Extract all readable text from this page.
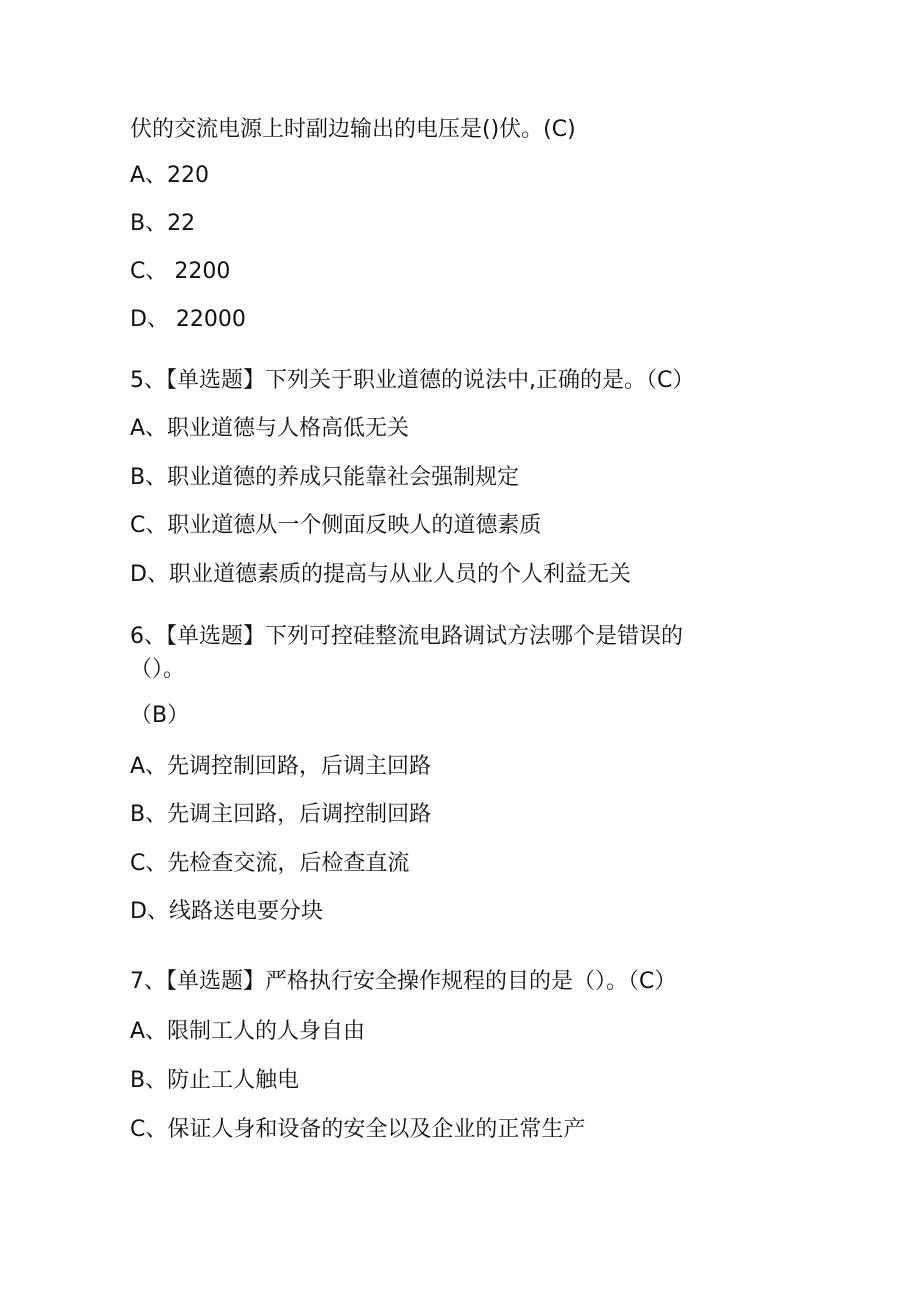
伏的交流电源上时副边输出的电压是()伏。(C)

A、220

B、22

C、 2200

D、 22000

5、【单选题】下列关于职业道德的说法中,正确的是。（C）

A、职业道德与人格高低无关

B、职业道德的养成只能靠社会强制规定

C、职业道德从一个侧面反映人的道德素质

D、职业道德素质的提高与从业人员的个人利益无关

6、【单选题】下列可控硅整流电路调试方法哪个是错误的

（）。

（B）

A、先调控制回路，后调主回路

B、先调主回路，后调控制回路

C、先检查交流，后检查直流

D、线路送电要分块

7、【单选题】严格执行安全操作规程的目的是（）。（C）

A、限制工人的人身自由

B、防止工人触电

C、保证人身和设备的安全以及企业的正常生产
